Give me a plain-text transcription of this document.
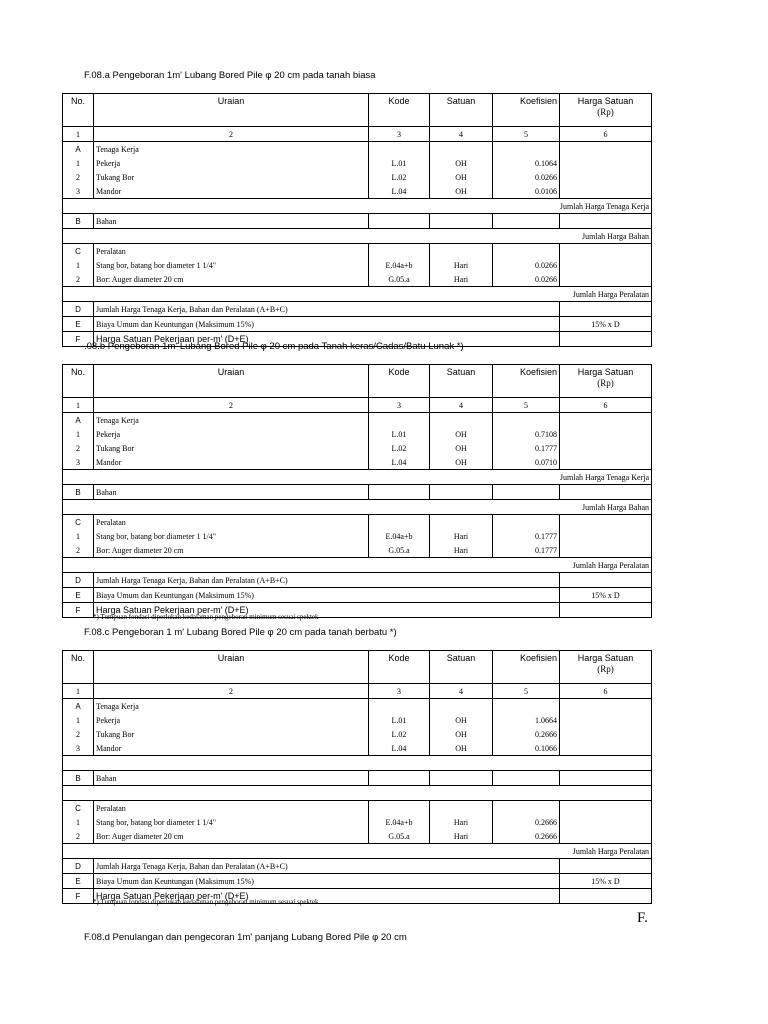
F.08.a Pengeboran 1m' Lubang Bored Pile φ 20 cm pada tanah biasa
No.	Uraian	Kode	Satuan	Koefisien	Harga Satuan
(Rp)
1	2	3	4	5	6
A	Tenaga Kerja				
1	Pekerja	L.01	OH	0.1064	
2	Tukang Bor	L.02	OH	0.0266	
3	Mandor	L.04	OH	0.0106	
Jumlah Harga Tenaga Kerja					
B	Bahan				
Jumlah Harga Bahan					
C	Peralatan				
1	Stang bor, batang bor diameter 1 1/4"	E.04a+b	Hari	0.0266	
2	Bor: Auger diameter 20 cm	G.05.a	Hari	0.0266	
Jumlah Harga Peralatan					
D	Jumlah Harga Tenaga Kerja, Bahan dan Peralatan (A+B+C)				
E	Biaya Umum dan Keuntungan (Maksimum 15%)				15% x D
F	Harga Satuan Pekerjaan per-m' (D+E)				
.08.b Pengeboran 1m' Lubang Bored Pile φ 20 cm pada Tanah keras/Cadas/Batu Lunak *)
No.	Uraian	Kode	Satuan	Koefisien	Harga Satuan
(Rp)
1	2	3	4	5	6
A	Tenaga Kerja				
1	Pekerja	L.01	OH	0.7108	
2	Tukang Bor	L.02	OH	0.1777	
3	Mandor	L.04	OH	0.0710	
Jumlah Harga Tenaga Kerja					
B	Bahan				
Jumlah Harga Bahan					
C	Peralatan				
1	Stang bor, batang bor diameter 1 1/4"	E.04a+b	Hari	0.1777	
2	Bor: Auger diameter 20 cm	G.05.a	Hari	0.1777	
Jumlah Harga Peralatan					
D	Jumlah Harga Tenaga Kerja, Bahan dan Peralatan (A+B+C)				
E	Biaya Umum dan Keuntungan (Maksimum 15%)				15% x D
F	Harga Satuan Pekerjaan per-m' (D+E)				
*) Tumpuan fondasi diperlukan kedalaman pengeboran minimum sesuai spektek
F.08.c Pengeboran 1 m' Lubang Bored Pile φ 20 cm pada tanah berbatu *)
No.	Uraian	Kode	Satuan	Koefisien	Harga Satuan
(Rp)
1	2	3	4	5	6
A	Tenaga Kerja				
1	Pekerja	L.01	OH	1.0664	
2	Tukang Bor	L.02	OH	0.2666	
3	Mandor	L.04	OH	0.1066	

B	Bahan				

C	Peralatan				
1	Stang bor, batang bor diameter 1 1/4"	E.04a+b	Hari	0.2666	
2	Bor: Auger diameter 20 cm	G.05.a	Hari	0.2666	
Jumlah Harga Peralatan					
D	Jumlah Harga Tenaga Kerja, Bahan dan Peralatan (A+B+C)				
E	Biaya Umum dan Keuntungan (Maksimum 15%)				15% x D
F	Harga Satuan Pekerjaan per-m' (D+E)				
*) Tumpuan fondasi diperlukan kedalaman pengeboran minimum sesuai spektek
F.
F.08.d Penulangan dan pengecoran 1m' panjang Lubang Bored Pile φ 20 cm
